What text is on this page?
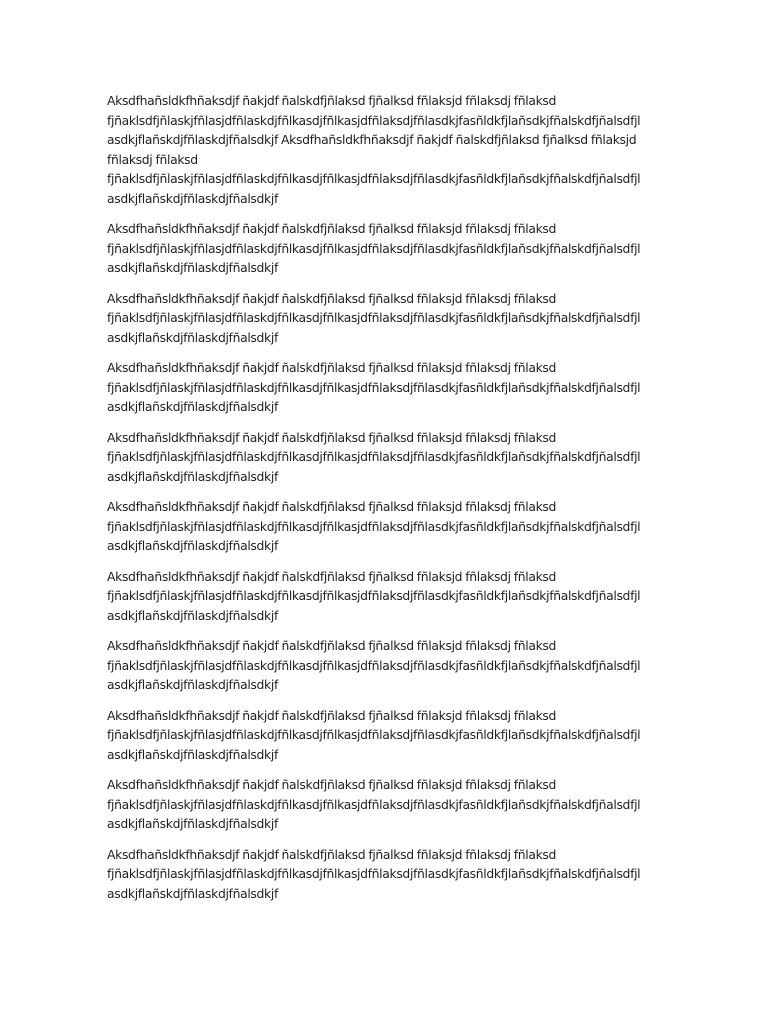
Aksdfhañsldkfhñaksdjf ñakjdf ñalskdfjñlaksd fjñalksd fñlaksjd fñlaksdj fñlaksd
fjñaklsdfjñlaskjfñlasjdfñlaskdjfñlkasdjfñlkasjdfñlaksdjfñlasdkjfasñldkfjlañsdkjfñalskdfjñalsdfjl
asdkjflañskdjfñlaskdjfñalsdkjf Aksdfhañsldkfhñaksdjf ñakjdf ñalskdfjñlaksd fjñalksd fñlaksjd
fñlaksdj fñlaksd
fjñaklsdfjñlaskjfñlasjdfñlaskdjfñlkasdjfñlkasjdfñlaksdjfñlasdkjfasñldkfjlañsdkjfñalskdfjñalsdfjl
asdkjflañskdjfñlaskdjfñalsdkjf

Aksdfhañsldkfhñaksdjf ñakjdf ñalskdfjñlaksd fjñalksd fñlaksjd fñlaksdj fñlaksd
fjñaklsdfjñlaskjfñlasjdfñlaskdjfñlkasdjfñlkasjdfñlaksdjfñlasdkjfasñldkfjlañsdkjfñalskdfjñalsdfjl
asdkjflañskdjfñlaskdjfñalsdkjf

Aksdfhañsldkfhñaksdjf ñakjdf ñalskdfjñlaksd fjñalksd fñlaksjd fñlaksdj fñlaksd
fjñaklsdfjñlaskjfñlasjdfñlaskdjfñlkasdjfñlkasjdfñlaksdjfñlasdkjfasñldkfjlañsdkjfñalskdfjñalsdfjl
asdkjflañskdjfñlaskdjfñalsdkjf

Aksdfhañsldkfhñaksdjf ñakjdf ñalskdfjñlaksd fjñalksd fñlaksjd fñlaksdj fñlaksd
fjñaklsdfjñlaskjfñlasjdfñlaskdjfñlkasdjfñlkasjdfñlaksdjfñlasdkjfasñldkfjlañsdkjfñalskdfjñalsdfjl
asdkjflañskdjfñlaskdjfñalsdkjf

Aksdfhañsldkfhñaksdjf ñakjdf ñalskdfjñlaksd fjñalksd fñlaksjd fñlaksdj fñlaksd
fjñaklsdfjñlaskjfñlasjdfñlaskdjfñlkasdjfñlkasjdfñlaksdjfñlasdkjfasñldkfjlañsdkjfñalskdfjñalsdfjl
asdkjflañskdjfñlaskdjfñalsdkjf

Aksdfhañsldkfhñaksdjf ñakjdf ñalskdfjñlaksd fjñalksd fñlaksjd fñlaksdj fñlaksd
fjñaklsdfjñlaskjfñlasjdfñlaskdjfñlkasdjfñlkasjdfñlaksdjfñlasdkjfasñldkfjlañsdkjfñalskdfjñalsdfjl
asdkjflañskdjfñlaskdjfñalsdkjf

Aksdfhañsldkfhñaksdjf ñakjdf ñalskdfjñlaksd fjñalksd fñlaksjd fñlaksdj fñlaksd
fjñaklsdfjñlaskjfñlasjdfñlaskdjfñlkasdjfñlkasjdfñlaksdjfñlasdkjfasñldkfjlañsdkjfñalskdfjñalsdfjl
asdkjflañskdjfñlaskdjfñalsdkjf

Aksdfhañsldkfhñaksdjf ñakjdf ñalskdfjñlaksd fjñalksd fñlaksjd fñlaksdj fñlaksd
fjñaklsdfjñlaskjfñlasjdfñlaskdjfñlkasdjfñlkasjdfñlaksdjfñlasdkjfasñldkfjlañsdkjfñalskdfjñalsdfjl
asdkjflañskdjfñlaskdjfñalsdkjf

Aksdfhañsldkfhñaksdjf ñakjdf ñalskdfjñlaksd fjñalksd fñlaksjd fñlaksdj fñlaksd
fjñaklsdfjñlaskjfñlasjdfñlaskdjfñlkasdjfñlkasjdfñlaksdjfñlasdkjfasñldkfjlañsdkjfñalskdfjñalsdfjl
asdkjflañskdjfñlaskdjfñalsdkjf

Aksdfhañsldkfhñaksdjf ñakjdf ñalskdfjñlaksd fjñalksd fñlaksjd fñlaksdj fñlaksd
fjñaklsdfjñlaskjfñlasjdfñlaskdjfñlkasdjfñlkasjdfñlaksdjfñlasdkjfasñldkfjlañsdkjfñalskdfjñalsdfjl
asdkjflañskdjfñlaskdjfñalsdkjf

Aksdfhañsldkfhñaksdjf ñakjdf ñalskdfjñlaksd fjñalksd fñlaksjd fñlaksdj fñlaksd
fjñaklsdfjñlaskjfñlasjdfñlaskdjfñlkasdjfñlkasjdfñlaksdjfñlasdkjfasñldkfjlañsdkjfñalskdfjñalsdfjl
asdkjflañskdjfñlaskdjfñalsdkjf
